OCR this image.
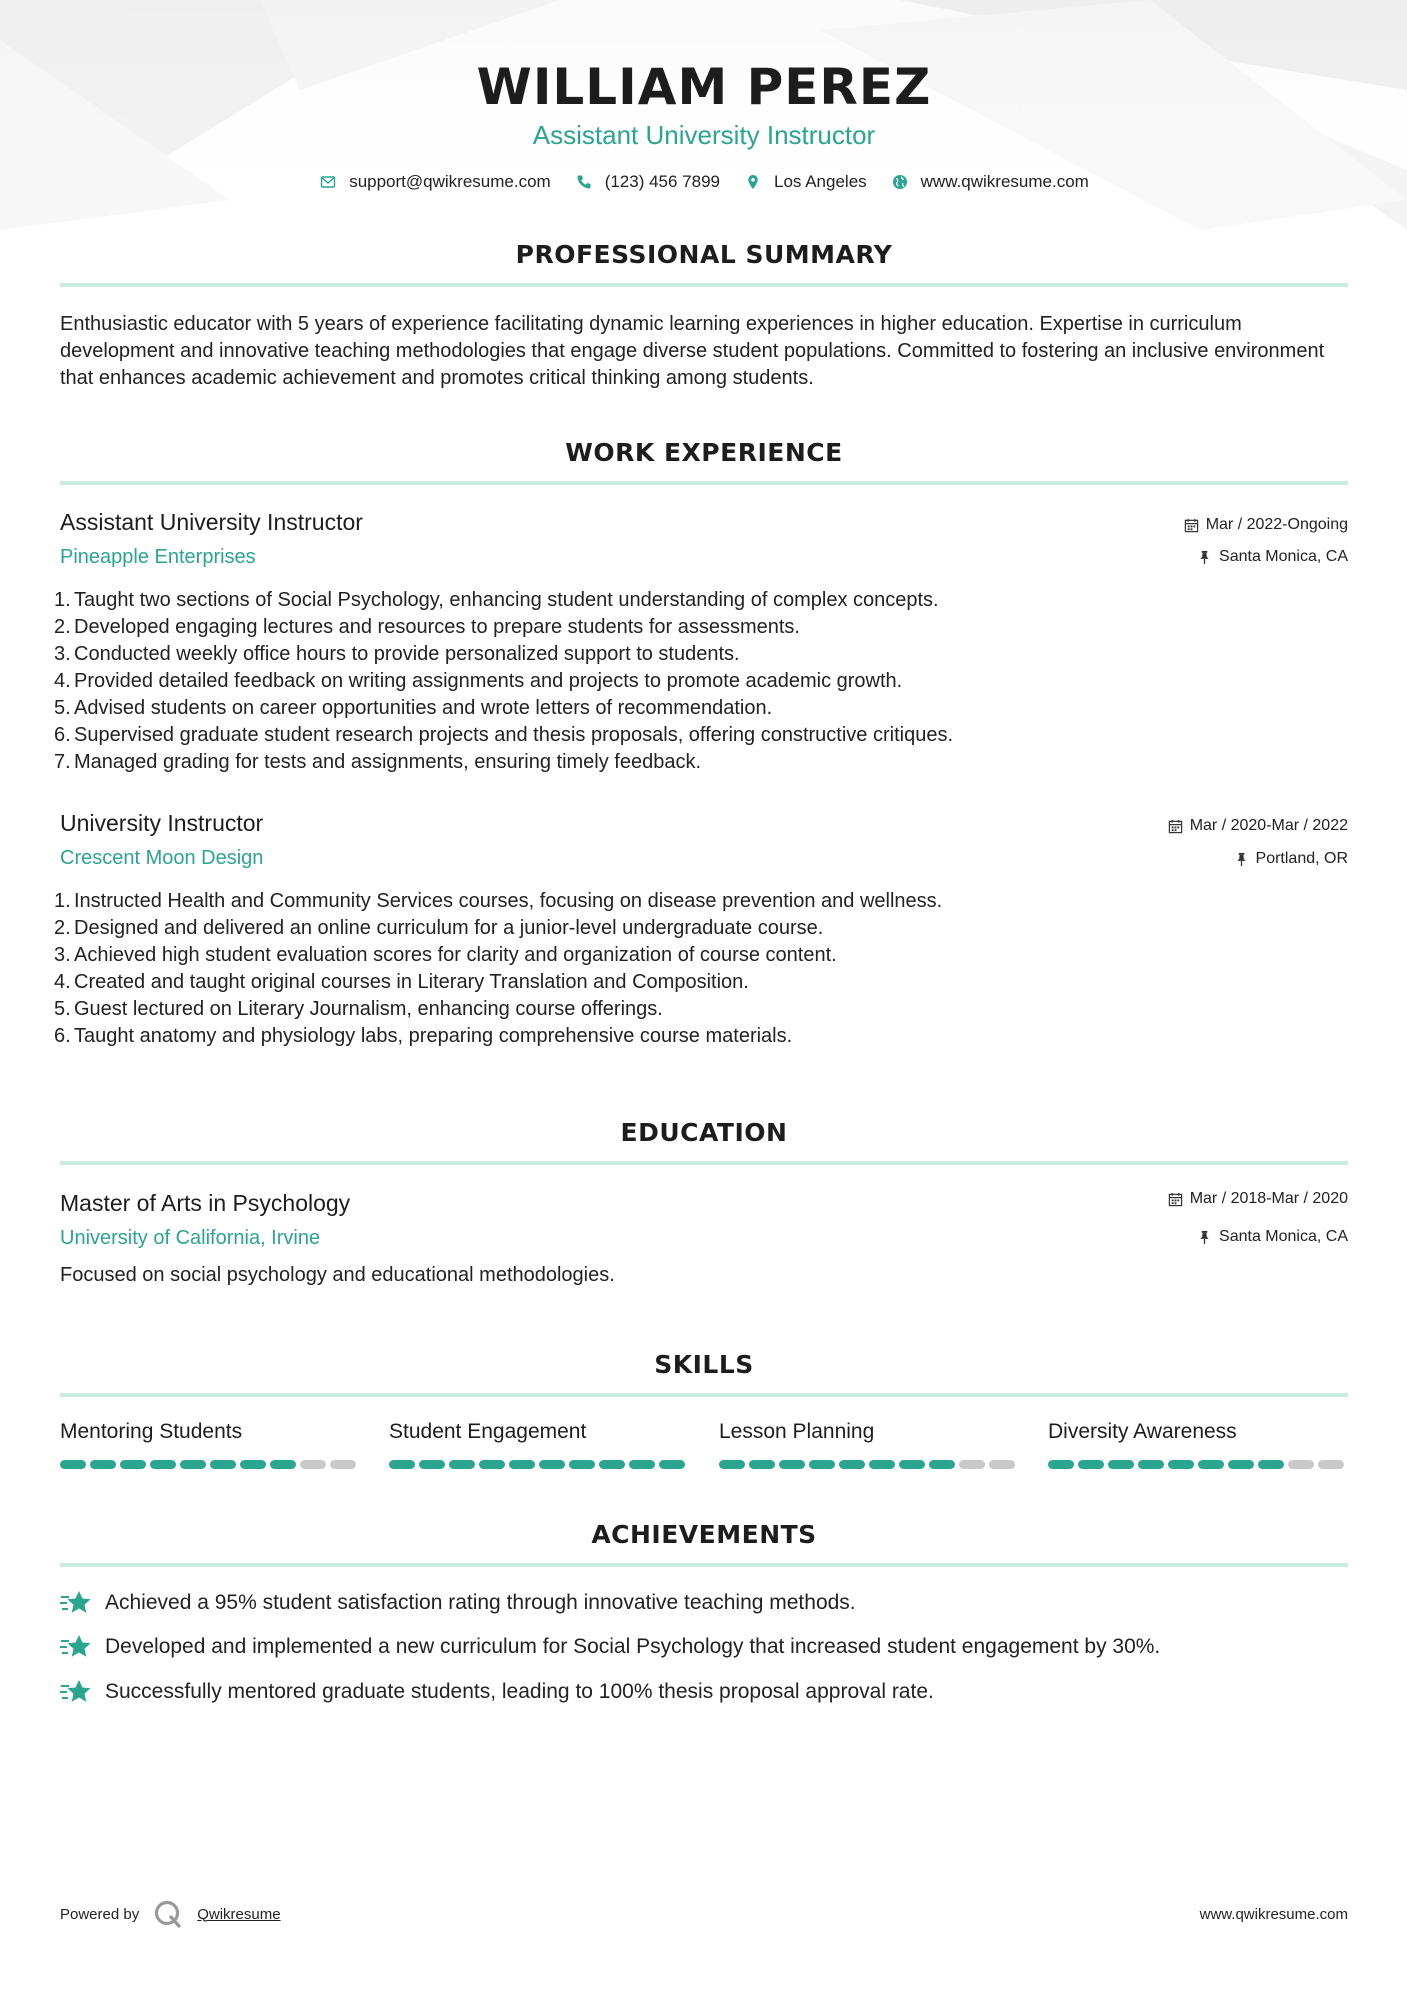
WILLIAM PEREZ
Assistant University Instructor
support@qwikresume.com	(123) 456 7899	Los Angeles	www.qwikresume.com
PROFESSIONAL SUMMARY
Enthusiastic educator with 5 years of experience facilitating dynamic learning experiences in higher education. Expertise in curriculum development and innovative teaching methodologies that engage diverse student populations. Committed to fostering an inclusive environment that enhances academic achievement and promotes critical thinking among students.
WORK EXPERIENCE
Assistant University Instructor
Pineapple Enterprises
Mar / 2022-Ongoing
Santa Monica, CA
1. Taught two sections of Social Psychology, enhancing student understanding of complex concepts.
2. Developed engaging lectures and resources to prepare students for assessments.
3. Conducted weekly office hours to provide personalized support to students.
4. Provided detailed feedback on writing assignments and projects to promote academic growth.
5. Advised students on career opportunities and wrote letters of recommendation.
6. Supervised graduate student research projects and thesis proposals, offering constructive critiques.
7. Managed grading for tests and assignments, ensuring timely feedback.
University Instructor
Crescent Moon Design
Mar / 2020-Mar / 2022
Portland, OR
1. Instructed Health and Community Services courses, focusing on disease prevention and wellness.
2. Designed and delivered an online curriculum for a junior-level undergraduate course.
3. Achieved high student evaluation scores for clarity and organization of course content.
4. Created and taught original courses in Literary Translation and Composition.
5. Guest lectured on Literary Journalism, enhancing course offerings.
6. Taught anatomy and physiology labs, preparing comprehensive course materials.
EDUCATION
Master of Arts in Psychology
University of California, Irvine
Mar / 2018-Mar / 2020
Santa Monica, CA
Focused on social psychology and educational methodologies.
SKILLS
Mentoring Students	Student Engagement	Lesson Planning	Diversity Awareness
ACHIEVEMENTS
Achieved a 95% student satisfaction rating through innovative teaching methods.
Developed and implemented a new curriculum for Social Psychology that increased student engagement by 30%.
Successfully mentored graduate students, leading to 100% thesis proposal approval rate.
Powered by	Qwikresume	www.qwikresume.com
